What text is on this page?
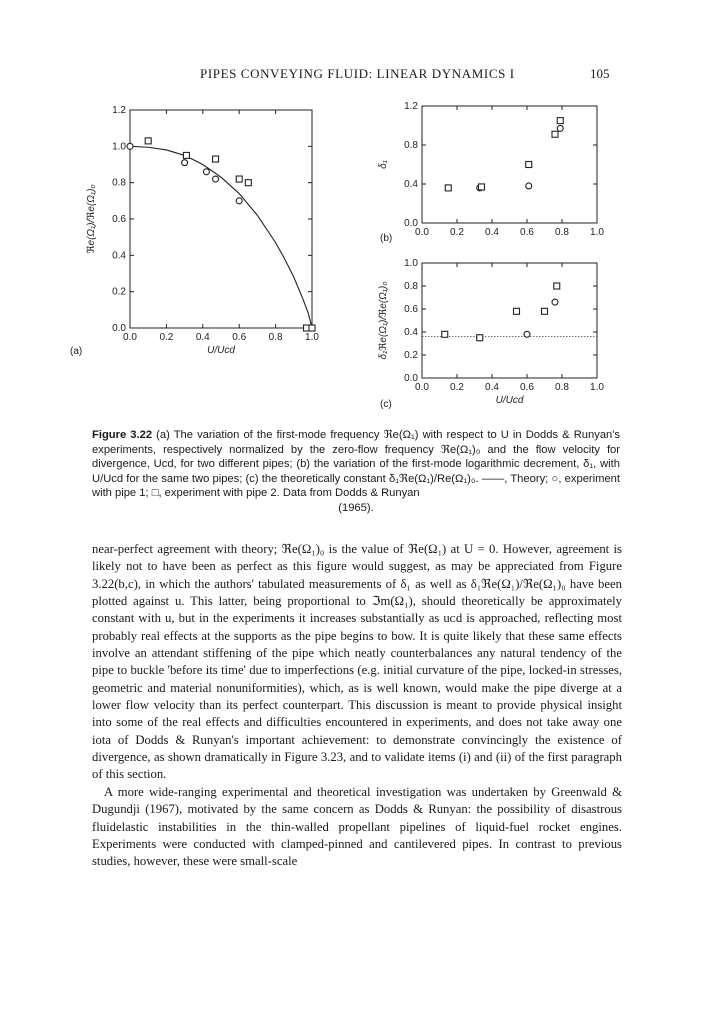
PIPES CONVEYING FLUID: LINEAR DYNAMICS I	105
(a)
0.0 0.2 0.4 0.6 0.8 1.0
0.0
0.2
0.4
0.6
0.8
1.0
1.2
ℜe(Ω₁)/ℜe(Ω₁)₀
U/Uᴄd
(b)
0.0 0.2 0.4 0.6 0.8 1.0
0.0
0.4
0.8
1.2
δ₁
(c)
0.0 0.2 0.4 0.6 0.8 1.0
0.0
0.2
0.4
0.6
0.8
1.0
δ₁ℜe(Ω₁)/ℜe(Ω₁)₀
U/Uᴄd
Figure 3.22 (a) The variation of the first-mode frequency ℜe(Ω₁) with respect to U in Dodds & Runyan's experiments, respectively normalized by the zero-flow frequency ℜe(Ω₁)₀ and the flow velocity for divergence, Uᴄd, for two different pipes; (b) the variation of the first-mode logarithmic decrement, δ₁, with U/Uᴄd for the same two pipes; (c) the theoretically constant δ₁ℜe(Ω₁)/Re(Ω₁)₀. ——, Theory; ○, experiment with pipe 1; □, experiment with pipe 2. Data from Dodds & Runyan
(1965).

near-perfect agreement with theory; ℜe(Ω₁)₀ is the value of ℜe(Ω₁) at U = 0. However, agreement is likely not to have been as perfect as this figure would suggest, as may be appreciated from Figure 3.22(b,c), in which the authors' tabulated measurements of δ₁ as well as δ₁ℜe(Ω₁)/ℜe(Ω₁)₀ have been plotted against u. This latter, being proportional to ℑm(Ω₁), should theoretically be approximately constant with u, but in the experiments it increases substantially as uᴄd is approached, reflecting most probably real effects at the supports as the pipe begins to bow. It is quite likely that these same effects involve an attendant stiffening of the pipe which neatly counterbalances any natural tendency of the pipe to buckle 'before its time' due to imperfections (e.g. initial curvature of the pipe, locked-in stresses, geometric and material nonuniformities), which, as is well known, would make the pipe diverge at a lower flow velocity than its perfect counterpart. This discussion is meant to provide physical insight into some of the real effects and difficulties encountered in experiments, and does not take away one iota of Dodds & Runyan's important achievement: to demonstrate convincingly the existence of divergence, as shown dramatically in Figure 3.23, and to validate items (i) and (ii) of the first paragraph of this section.

A more wide-ranging experimental and theoretical investigation was undertaken by Greenwald & Dugundji (1967), motivated by the same concern as Dodds & Runyan: the possibility of disastrous fluidelastic instabilities in the thin-walled propellant pipelines of liquid-fuel rocket engines. Experiments were conducted with clamped-pinned and cantilevered pipes. In contrast to previous studies, however, these were small-scale
